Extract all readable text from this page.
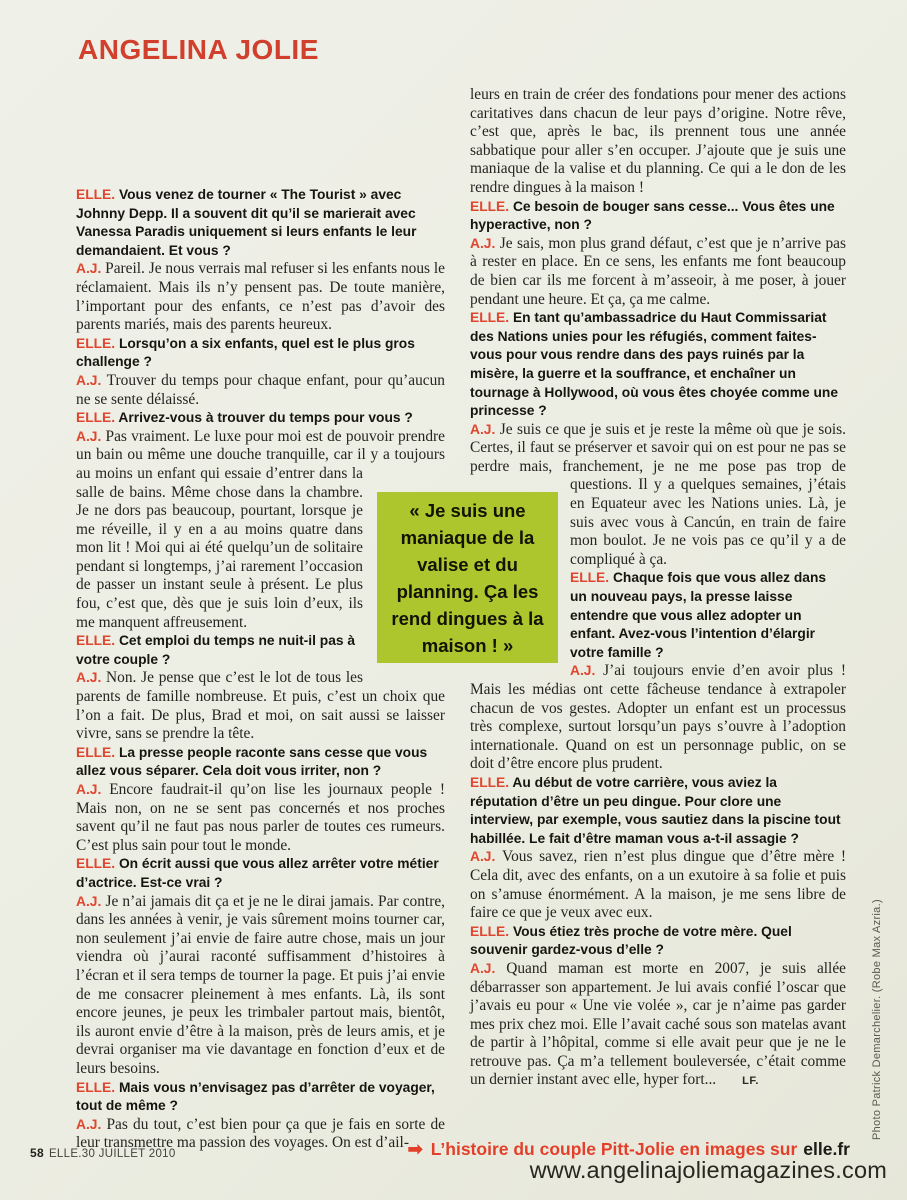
ANGELINA JOLIE

ELLE. Vous venez de tourner « The Tourist » avec Johnny Depp. Il a souvent dit qu’il se marierait avec Vanessa Paradis uniquement si leurs enfants le leur demandaient. Et vous ?

A.J. Pareil. Je nous verrais mal refuser si les enfants nous le réclamaient. Mais ils n’y pensent pas. De toute manière, l’important pour des enfants, ce n’est pas d’avoir des parents mariés, mais des parents heureux.

ELLE. Lorsqu’on a six enfants, quel est le plus gros challenge ?

A.J. Trouver du temps pour chaque enfant, pour qu’aucun ne se sente délaissé.

ELLE. Arrivez-vous à trouver du temps pour vous ?

A.J. Pas vraiment. Le luxe pour moi est de pouvoir prendre un bain ou même une douche tranquille, car il y a toujours au moins un enfant qui essaie d’entrer dans la salle de bains. Même chose dans la chambre. Je ne dors pas beaucoup, pourtant, lorsque je me réveille, il y en a au moins quatre dans mon lit ! Moi qui ai été quelqu’un de solitaire pendant si longtemps, j’ai rarement l’occasion de passer un instant seule à présent. Le plus fou, c’est que, dès que je suis loin d’eux, ils me manquent affreusement.

ELLE. Cet emploi du temps ne nuit-il pas à votre couple ?

A.J. Non. Je pense que c’est le lot de tous les parents de famille nombreuse. Et puis, c’est un choix que l’on a fait. De plus, Brad et moi, on sait aussi se laisser vivre, sans se prendre la tête.

ELLE. La presse people raconte sans cesse que vous allez vous séparer. Cela doit vous irriter, non ?

A.J. Encore faudrait-il qu’on lise les journaux people ! Mais non, on ne se sent pas concernés et nos proches savent qu’il ne faut pas nous parler de toutes ces rumeurs. C’est plus sain pour tout le monde.

ELLE. On écrit aussi que vous allez arrêter votre métier d’actrice. Est-ce vrai ?

A.J. Je n’ai jamais dit ça et je ne le dirai jamais. Par contre, dans les années à venir, je vais sûrement moins tourner car, non seulement j’ai envie de faire autre chose, mais un jour viendra où j’aurai raconté suffisamment d’histoires à l’écran et il sera temps de tourner la page. Et puis j’ai envie de me consacrer pleinement à mes enfants. Là, ils sont encore jeunes, je peux les trimbaler partout mais, bientôt, ils auront envie d’être à la maison, près de leurs amis, et je devrai organiser ma vie davantage en fonction d’eux et de leurs besoins.

ELLE. Mais vous n’envisagez pas d’arrêter de voyager, tout de même ?

A.J. Pas du tout, c’est bien pour ça que je fais en sorte de leur transmettre ma passion des voyages. On est d’ail-

leurs en train de créer des fondations pour mener des actions caritatives dans chacun de leur pays d’origine. Notre rêve, c’est que, après le bac, ils prennent tous une année sabbatique pour aller s’en occuper. J’ajoute que je suis une maniaque de la valise et du planning. Ce qui a le don de les rendre dingues à la maison !

ELLE. Ce besoin de bouger sans cesse... Vous êtes une hyperactive, non ?

A.J. Je sais, mon plus grand défaut, c’est que je n’arrive pas à rester en place. En ce sens, les enfants me font beaucoup de bien car ils me forcent à m’asseoir, à me poser, à jouer pendant une heure. Et ça, ça me calme.

ELLE. En tant qu’ambassadrice du Haut Commissariat des Nations unies pour les réfugiés, comment faites-vous pour vous rendre dans des pays ruinés par la misère, la guerre et la souffrance, et enchaîner un tournage à Hollywood, où vous êtes choyée comme une princesse ?

A.J. Je suis ce que je suis et je reste la même où que je sois. Certes, il faut se préserver et savoir qui on est pour ne pas se perdre mais, franchement, je ne me pose pas trop de questions. Il y a quelques semaines, j’étais en Equateur avec les Nations unies. Là, je suis avec vous à Cancún, en train de faire mon boulot. Je ne vois pas ce qu’il y a de compliqué à ça.

ELLE. Chaque fois que vous allez dans un nouveau pays, la presse laisse entendre que vous allez adopter un enfant. Avez-vous l’intention d’élargir votre famille ?

A.J. J’ai toujours envie d’en avoir plus ! Mais les médias ont cette fâcheuse tendance à extrapoler chacun de vos gestes. Adopter un enfant est un processus très complexe, surtout lorsqu’un pays s’ouvre à l’adoption internationale. Quand on est un personnage public, on se doit d’être encore plus prudent.

ELLE. Au début de votre carrière, vous aviez la réputation d’être un peu dingue. Pour clore une interview, par exemple, vous sautiez dans la piscine tout habillée. Le fait d’être maman vous a-t-il assagie ?

A.J. Vous savez, rien n’est plus dingue que d’être mère ! Cela dit, avec des enfants, on a un exutoire à sa folie et puis on s’amuse énormément. A la maison, je me sens libre de faire ce que je veux avec eux.

ELLE. Vous étiez très proche de votre mère. Quel souvenir gardez-vous d’elle ?

A.J. Quand maman est morte en 2007, je suis allée débarrasser son appartement. Je lui avais confié l’oscar que j’avais eu pour « Une vie volée », car je n’aime pas garder mes prix chez moi. Elle l’avait caché sous son matelas avant de partir à l’hôpital, comme si elle avait peur que je ne le retrouve pas. Ça m’a tellement bouleversée, c’était comme un dernier instant avec elle, hyper fort... LF.

« Je suis une maniaque de la valise et du planning. Ça les rend dingues à la maison ! »
58 ELLE.30 JUILLET 2010	➡ L’histoire du couple Pitt-Jolie en images sur elle.fr
www.angelinajoliemagazines.com
Photo Patrick Demarchelier. (Robe Max Azria.)
